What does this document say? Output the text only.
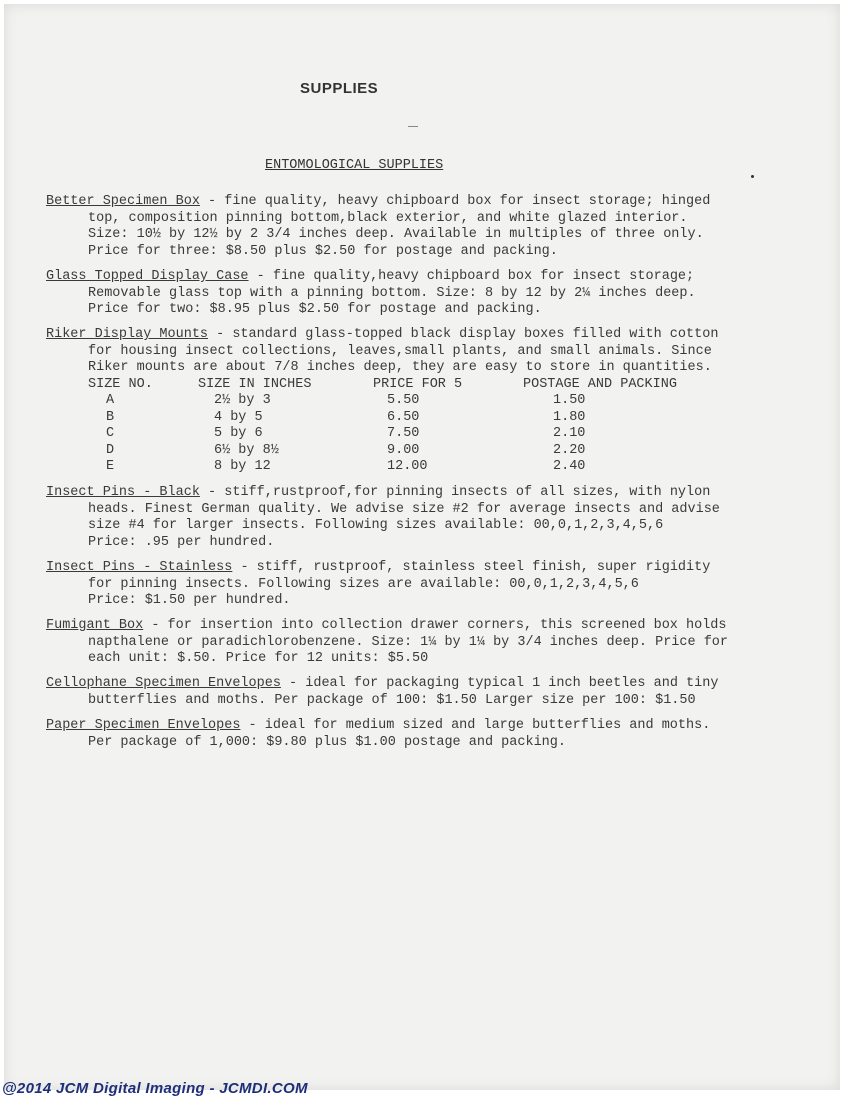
SUPPLIES
ENTOMOLOGICAL SUPPLIES
Better Specimen Box - fine quality, heavy chipboard box for insect storage; hinged
top, composition pinning bottom,black exterior, and white glazed interior.
Size: 10½ by 12½ by 2 3/4 inches deep. Available in multiples of three only.
Price for three: $8.50 plus $2.50 for postage and packing.
Glass Topped Display Case - fine quality,heavy chipboard box for insect storage;
Removable glass top with a pinning bottom. Size: 8 by 12 by 2¼ inches deep.
Price for two: $8.95 plus $2.50 for postage and packing.
Riker Display Mounts - standard glass-topped black display boxes filled with cotton
for housing insect collections, leaves,small plants, and small animals. Since
Riker mounts are about 7/8 inches deep, they are easy to store in quantities.
SIZE NO.	SIZE IN INCHES	PRICE FOR 5	POSTAGE AND PACKING
A	2½ by 3	5.50	1.50
B	4 by 5	6.50	1.80
C	5 by 6	7.50	2.10
D	6½ by 8½	9.00	2.20
E	8 by 12	12.00	2.40
Insect Pins - Black - stiff,rustproof,for pinning insects of all sizes, with nylon
heads. Finest German quality. We advise size #2 for average insects and advise
size #4 for larger insects. Following sizes available: 00,0,1,2,3,4,5,6
Price: .95 per hundred.
Insect Pins - Stainless - stiff, rustproof, stainless steel finish, super rigidity
for pinning insects. Following sizes are available: 00,0,1,2,3,4,5,6
Price: $1.50 per hundred.
Fumigant Box - for insertion into collection drawer corners, this screened box holds
napthalene or paradichlorobenzene. Size: 1¼ by 1¼ by 3/4 inches deep. Price for
each unit: $.50. Price for 12 units: $5.50
Cellophane Specimen Envelopes - ideal for packaging typical 1 inch beetles and tiny
butterflies and moths. Per package of 100: $1.50 Larger size per 100: $1.50
Paper Specimen Envelopes - ideal for medium sized and large butterflies and moths.
Per package of 1,000: $9.80 plus $1.00 postage and packing.
@2014 JCM Digital Imaging - JCMDI.COM
